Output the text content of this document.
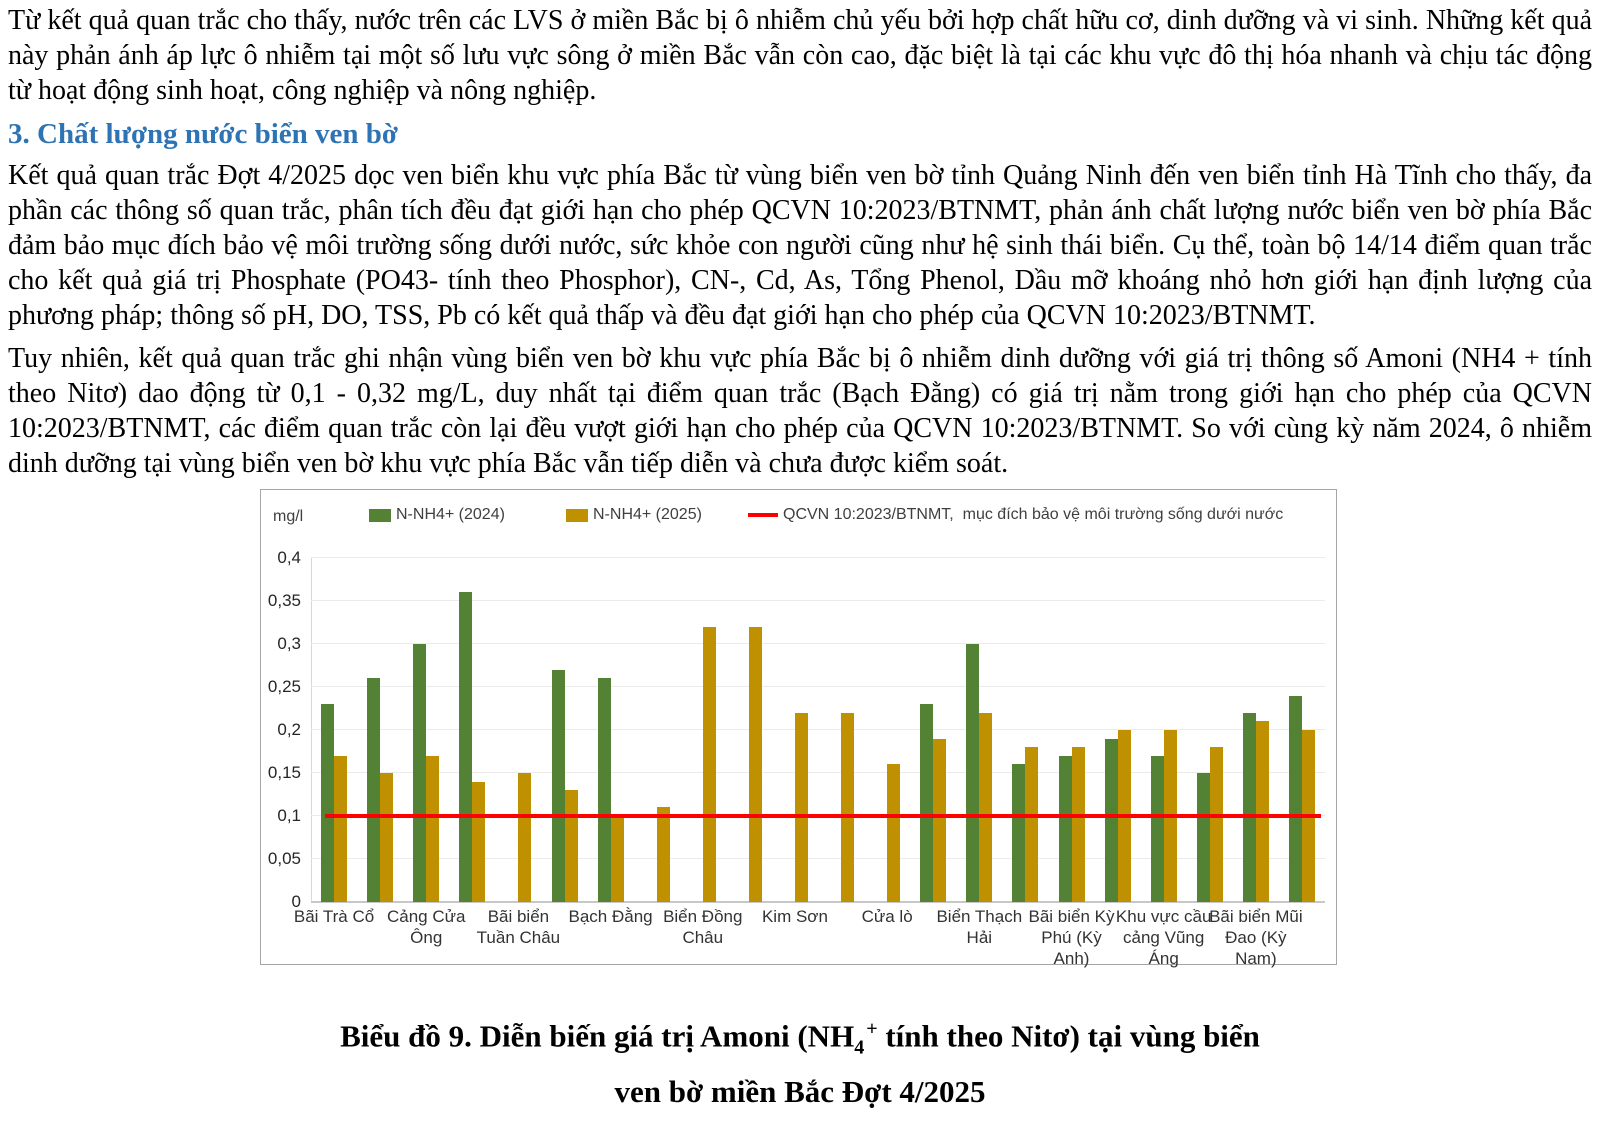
Từ kết quả quan trắc cho thấy, nước trên các LVS ở miền Bắc bị ô nhiễm chủ yếu bởi hợp chất hữu cơ, dinh dưỡng và vi sinh. Những kết quả này phản ánh áp lực ô nhiễm tại một số lưu vực sông ở miền Bắc vẫn còn cao, đặc biệt là tại các khu vực đô thị hóa nhanh và chịu tác động từ hoạt động sinh hoạt, công nghiệp và nông nghiệp.

3. Chất lượng nước biển ven bờ

Kết quả quan trắc Đợt 4/2025 dọc ven biển khu vực phía Bắc từ vùng biển ven bờ tỉnh Quảng Ninh đến ven biển tỉnh Hà Tĩnh cho thấy, đa phần các thông số quan trắc, phân tích đều đạt giới hạn cho phép QCVN 10:2023/BTNMT, phản ánh chất lượng nước biển ven bờ phía Bắc đảm bảo mục đích bảo vệ môi trường sống dưới nước, sức khỏe con người cũng như hệ sinh thái biển. Cụ thể, toàn bộ 14/14 điểm quan trắc cho kết quả giá trị Phosphate (PO43- tính theo Phosphor), CN-, Cd, As, Tổng Phenol, Dầu mỡ khoáng nhỏ hơn giới hạn định lượng của phương pháp; thông số pH, DO, TSS, Pb có kết quả thấp và đều đạt giới hạn cho phép của QCVN 10:2023/BTNMT.

Tuy nhiên, kết quả quan trắc ghi nhận vùng biển ven bờ khu vực phía Bắc bị ô nhiễm dinh dưỡng với giá trị thông số Amoni (NH4 + tính theo Nitơ) dao động từ 0,1 - 0,32 mg/L, duy nhất tại điểm quan trắc (Bạch Đằng) có giá trị nằm trong giới hạn cho phép của QCVN 10:2023/BTNMT, các điểm quan trắc còn lại đều vượt giới hạn cho phép của QCVN 10:2023/BTNMT. So với cùng kỳ năm 2024, ô nhiễm dinh dưỡng tại vùng biển ven bờ khu vực phía Bắc vẫn tiếp diễn và chưa được kiểm soát.

mg/l	N-NH4+ (2024)	N-NH4+ (2025)	QCVN 10:2023/BTNMT,  mục đích bảo vệ môi trường sống dưới nước
0,4
0,35
0,3
0,25
0,2
0,15
0,1
0,05
0
Bãi Trà Cổ Cảng Cửa Ông
Bãi biển Tuần Châu
Bạch Đằng Biển Đồng Châu
Kim Sơn	Cửa lò	Biển Thạch Hải
Bãi biển Kỳ Phú (Kỳ Anh)
Khu vực cầu cảng Vũng Áng
Bãi biển Mũi Đao (Kỳ Nam)
Biểu đồ 9. Diễn biến giá trị Amoni ($NH_4^+$ tính theo Nitơ) tại vùng biển
ven bờ miền Bắc Đợt 4/2025
